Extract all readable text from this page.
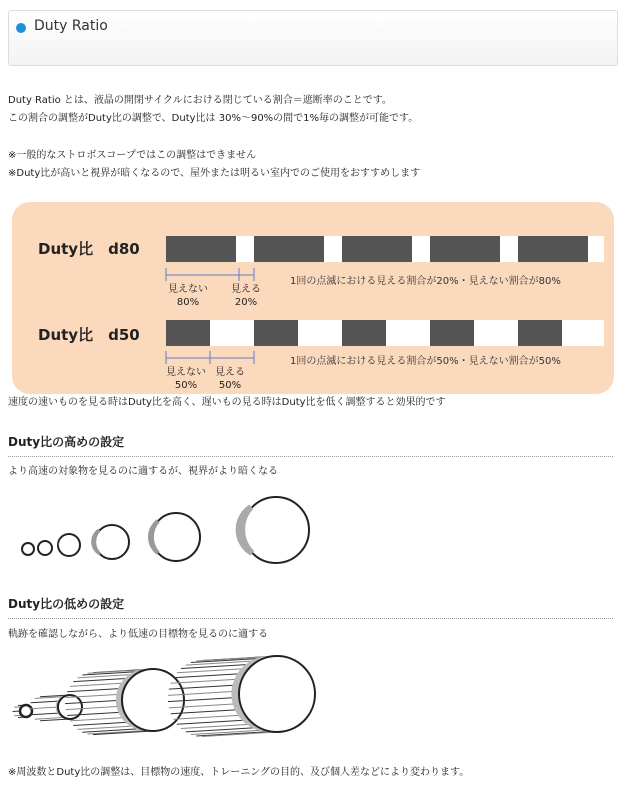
Duty Ratio
Duty Ratio とは、液晶の開閉サイクルにおける閉じている割合＝遮断率のことです。
この割合の調整がDuty比の調整で、Duty比は 30%～90%の間で1%毎の調整が可能です。
※一般的なストロボスコープではこの調整はできません
※Duty比が高いと視界が暗くなるので、屋外または明るい室内でのご使用をおすすめします
Duty比　d80
見えない
80%
見える
20%
1回の点滅における見える割合が20%・見えない割合が80%
Duty比　d50
見えない
50%
見える
50%
1回の点滅における見える割合が50%・見えない割合が50%
速度の速いものを見る時はDuty比を高く、遅いもの見る時はDuty比を低く調整すると効果的です
Duty比の高めの設定
より高速の対象物を見るのに適するが、視界がより暗くなる
Duty比の低めの設定
軌跡を確認しながら、より低速の目標物を見るのに適する
※周波数とDuty比の調整は、目標物の速度、トレーニングの目的、及び個人差などにより変わります。
